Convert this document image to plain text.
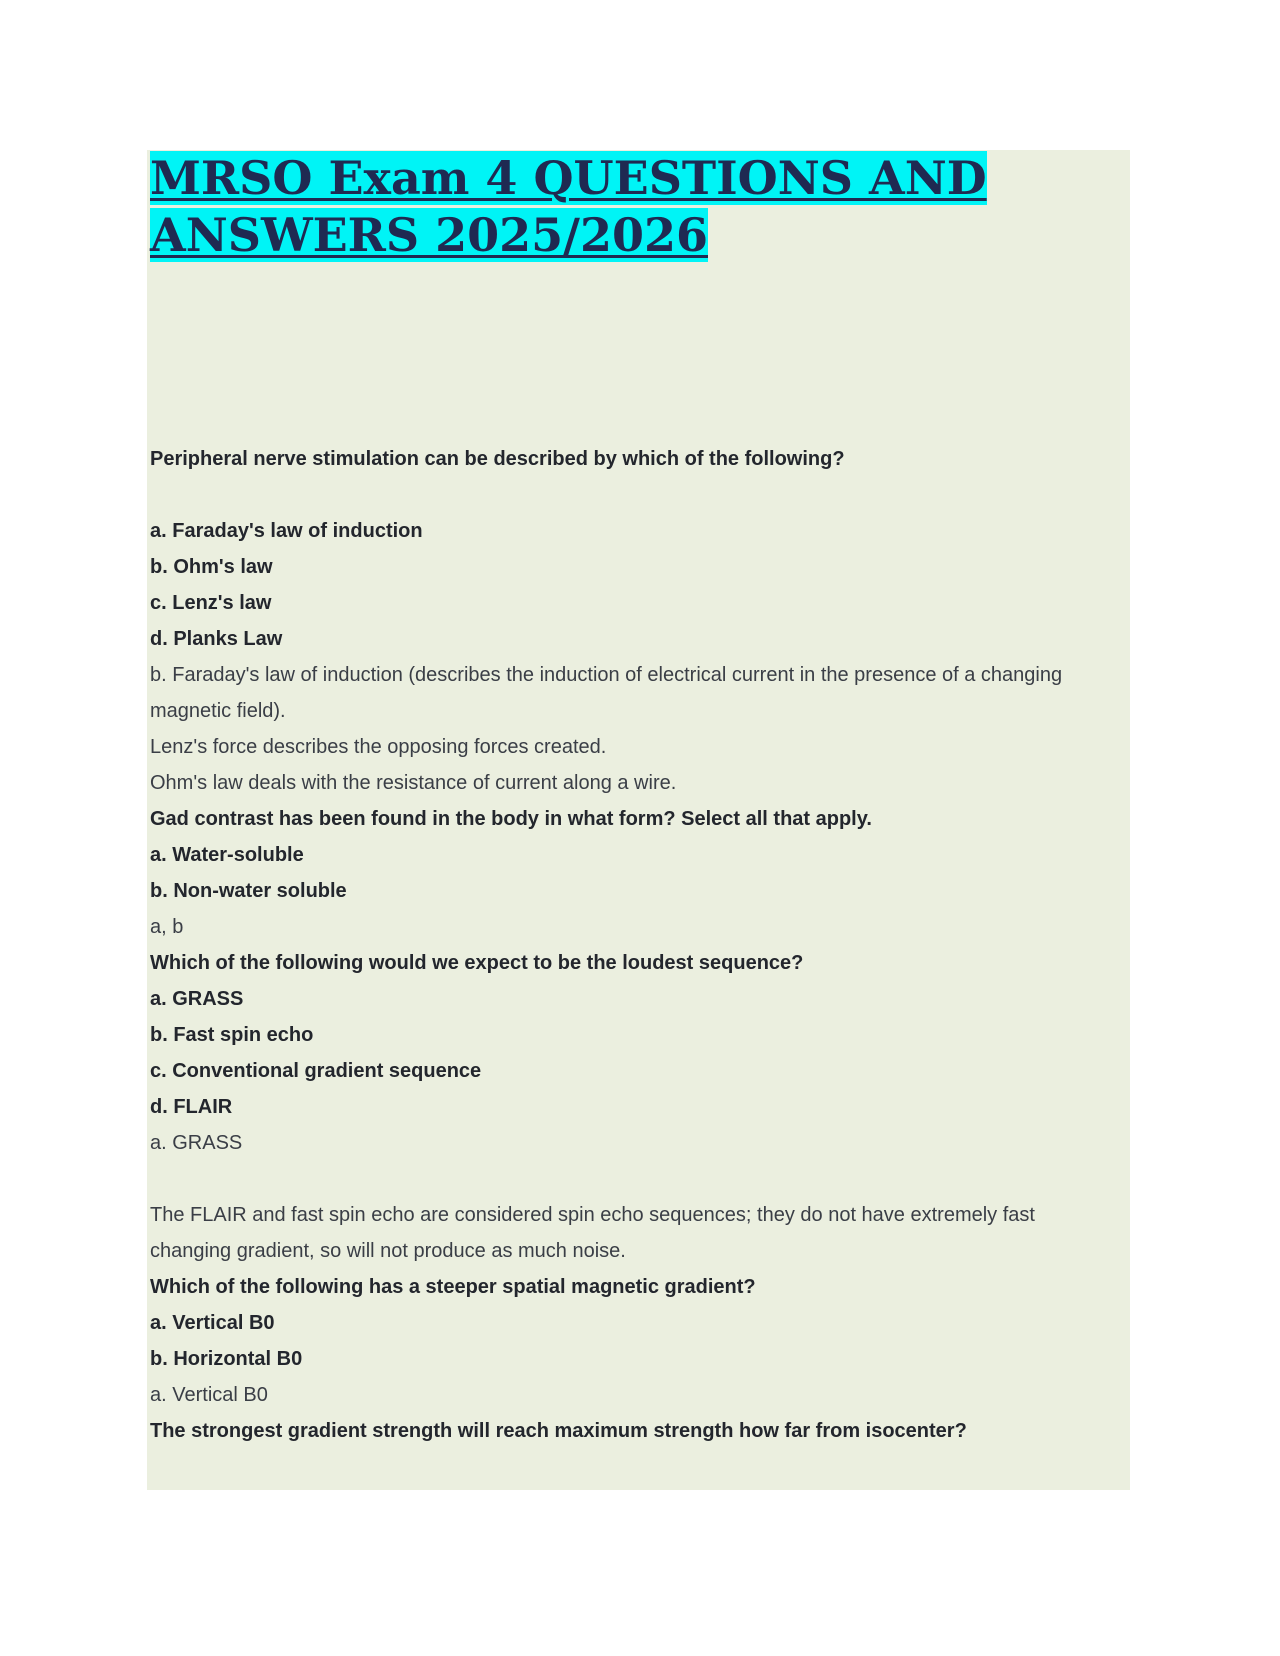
MRSO Exam 4 QUESTIONS AND ANSWERS 2025/2026

Peripheral nerve stimulation can be described by which of the following?

a. Faraday's law of induction

b. Ohm's law

c. Lenz's law

d. Planks Law

b. Faraday's law of induction (describes the induction of electrical current in the presence of a changing magnetic field).

Lenz's force describes the opposing forces created.

Ohm's law deals with the resistance of current along a wire.

Gad contrast has been found in the body in what form? Select all that apply.

a. Water-soluble

b. Non-water soluble

a, b

Which of the following would we expect to be the loudest sequence?

a. GRASS

b. Fast spin echo

c. Conventional gradient sequence

d. FLAIR

a. GRASS

The FLAIR and fast spin echo are considered spin echo sequences; they do not have extremely fast changing gradient, so will not produce as much noise.

Which of the following has a steeper spatial magnetic gradient?

a. Vertical B0

b. Horizontal B0

a. Vertical B0

The strongest gradient strength will reach maximum strength how far from isocenter?
